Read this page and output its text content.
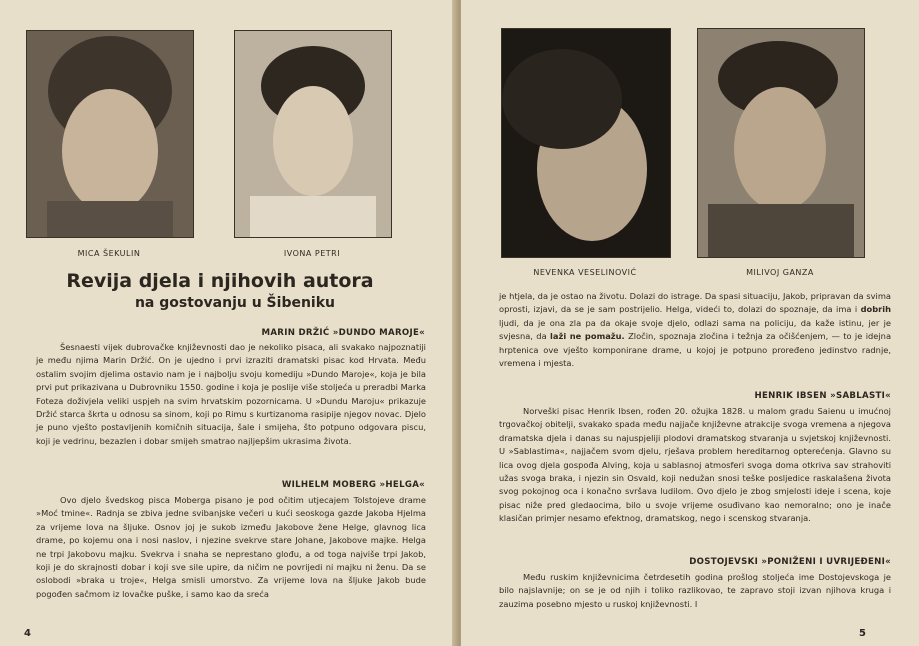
MICA ŠEKULIN	IVONA PETRI
Revija djela i njihovih autora
na gostovanju u Šibeniku
MARIN DRŽIĆ »DUNDO MAROJE«
Šesnaesti vijek dubrovačke književnosti dao je nekoliko pisaca, ali svakako najpoznatiji je među njima Marin Držić. On je ujedno i prvi izraziti dramatski pisac kod Hrvata. Među ostalim svojim djelima ostavio nam je i najbolju svoju komediju »Dundo Maroje«, koja je bila prvi put prikazivana u Dubrovniku 1550. godine i koja je poslije više stoljeća u preradbi Marka Foteza doživjela veliki uspjeh na svim hrvatskim pozornicama. U »Dundu Maroju« prikazuje Držić starca škrta u odnosu sa sinom, koji po Rimu s kurtizanoma rasipije njegov novac. Djelo je puno vješto postavljenih komičnih situacija, šale i smijeha, što potpuno odgovara piscu, koji je vedrinu, bezazlen i dobar smijeh smatrao najljepšim ukrasima života.
WILHELM MOBERG »HELGA«
Ovo djelo švedskog pisca Moberga pisano je pod očitim utjecajem Tolstojeve drame »Moć tmine«. Radnja se zbiva jedne svibanjske večeri u kući seoskoga gazde Jakoba Hjelma za vrijeme lova na šljuke. Osnov joj je sukob između Jakobove žene Helge, glavnog lica drame, po kojemu ona i nosi naslov, i njezine svekrve stare Johane, Jakobove majke. Helga ne trpi Jakobovu majku. Svekrva i snaha se neprestano glođu, a od toga najviše trpi Jakob, koji je do skrajnosti dobar i koji sve sile upire, da ničim ne povrijedi ni majku ni ženu. Da se oslobodi »braka u troje«, Helga smisli umorstvo. Za vrijeme lova na šljuke Jakob bude pogođen sačmom iz lovačke puške, i samo kao da sreća
4
NEVENKA VESELINOVIĆ	MILIVOJ GANZA
je htjela, da je ostao na životu. Dolazi do istrage. Da spasi situaciju, Jakob, pripravan da svima oprosti, izjavi, da se je sam postrijelio. Helga, videći to, dolazi do spoznaje, da ima i dobrih ljudi, da je ona zla pa da okaje svoje djelo, odlazi sama na policiju, da kaže istinu, jer je svjesna, da laži ne pomažu. Zločin, spoznaja zločina i težnja za očišćenjem, — to je idejna hrptenica ove vješto komponirane drame, u kojoj je potpuno proređeno jedinstvo radnje, vremena i mjesta.
HENRIK IBSEN »SABLASTI«
Norveški pisac Henrik Ibsen, rođen 20. ožujka 1828. u malom gradu Saienu u imućnoj trgovačkoj obitelji, svakako spada među najjače književne atrakcije svoga vremena a njegova dramatska djela i danas su najuspjeliji plodovi dramatskog stvaranja u svjetskoj književnosti. U »Sablastima«, najjačem svom djelu, rješava problem hereditarnog opterećenja. Glavno su lica ovog djela gospođa Alving, koja u sablasnoj atmosferi svoga doma otkriva sav strahoviti užas svoga braka, i njezin sin Osvald, koji nedužan snosi teške posljedice raskalašena života svog pokojnog oca i konačno svršava ludilom. Ovo djelo je zbog smjelosti ideje i scena, koje pisac niže pred gledaocima, bilo u svoje vrijeme osuđivano kao nemoralno; ono je inače klasičan primjer nesamo efektnog, dramatskog, nego i scenskog stvaranja.
DOSTOJEVSKI »PONIŽENI I UVRIJEĐENI«
Među ruskim književnicima četrdesetih godina prošlog stoljeća ime Dostojevskoga je bilo najslavnije; on se je od njih i toliko razlikovao, te zapravo stoji izvan njihova kruga i zauzima posebno mjesto u ruskoj književnosti. I
5
